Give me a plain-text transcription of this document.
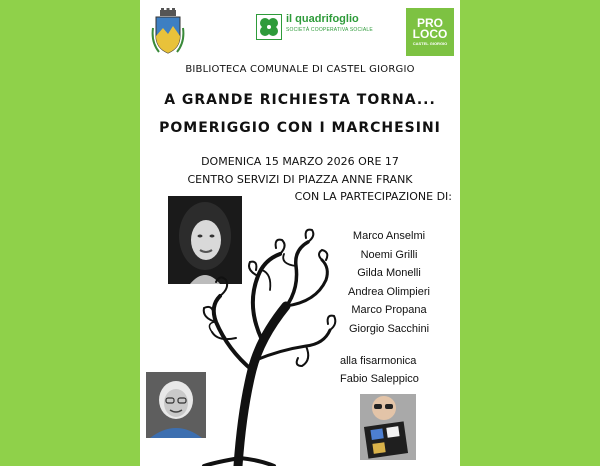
il quadrifoglio
SOCIETÀ COOPERATIVA SOCIALE	PRO
LOCO
CASTEL GIORGIO
BIBLIOTECA COMUNALE DI CASTEL GIORGIO
A GRANDE RICHIESTA TORNA...
POMERIGGIO CON I MARCHESINI
DOMENICA 15 MARZO 2026 ORE 17
CENTRO SERVIZI DI PIAZZA ANNE FRANK
CON LA PARTECIPAZIONE DI:
Marco Anselmi
Noemi Grilli
Gilda Monelli
Andrea Olimpieri
Marco Propana
Giorgio Sacchini
alla fisarmonica
Fabio Saleppico
